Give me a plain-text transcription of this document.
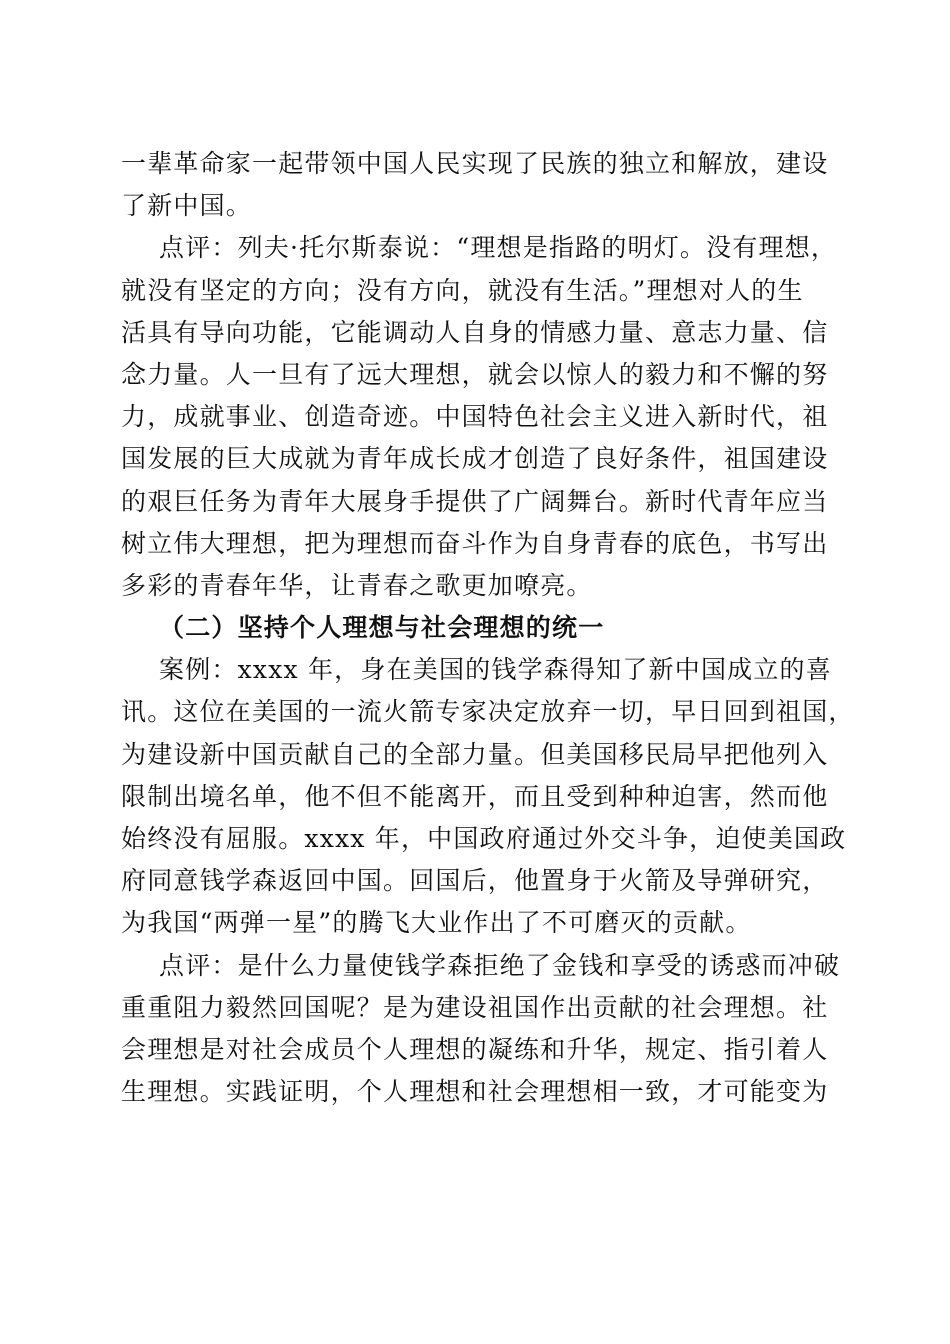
一辈革命家一起带领中国人民实现了民族的独立和解放，建设
了新中国。
点评：列夫·托尔斯泰说：“理想是指路的明灯。没有理想，
就没有坚定的方向；没有方向，就没有生活。”理想对人的生
活具有导向功能，它能调动人自身的情感力量、意志力量、信
念力量。人一旦有了远大理想，就会以惊人的毅力和不懈的努
力，成就事业、创造奇迹。中国特色社会主义进入新时代，祖
国发展的巨大成就为青年成长成才创造了良好条件，祖国建设
的艰巨任务为青年大展身手提供了广阔舞台。新时代青年应当
树立伟大理想，把为理想而奋斗作为自身青春的底色，书写出
多彩的青春年华，让青春之歌更加嘹亮。
（二）坚持个人理想与社会理想的统一
案例：xxxx 年，身在美国的钱学森得知了新中国成立的喜
讯。这位在美国的一流火箭专家决定放弃一切，早日回到祖国，
为建设新中国贡献自己的全部力量。但美国移民局早把他列入
限制出境名单，他不但不能离开，而且受到种种迫害，然而他
始终没有屈服。xxxx 年，中国政府通过外交斗争，迫使美国政
府同意钱学森返回中国。回国后，他置身于火箭及导弹研究，
为我国“两弹一星”的腾飞大业作出了不可磨灭的贡献。
点评：是什么力量使钱学森拒绝了金钱和享受的诱惑而冲破
重重阻力毅然回国呢？是为建设祖国作出贡献的社会理想。社
会理想是对社会成员个人理想的凝练和升华，规定、指引着人
生理想。实践证明，个人理想和社会理想相一致，才可能变为
